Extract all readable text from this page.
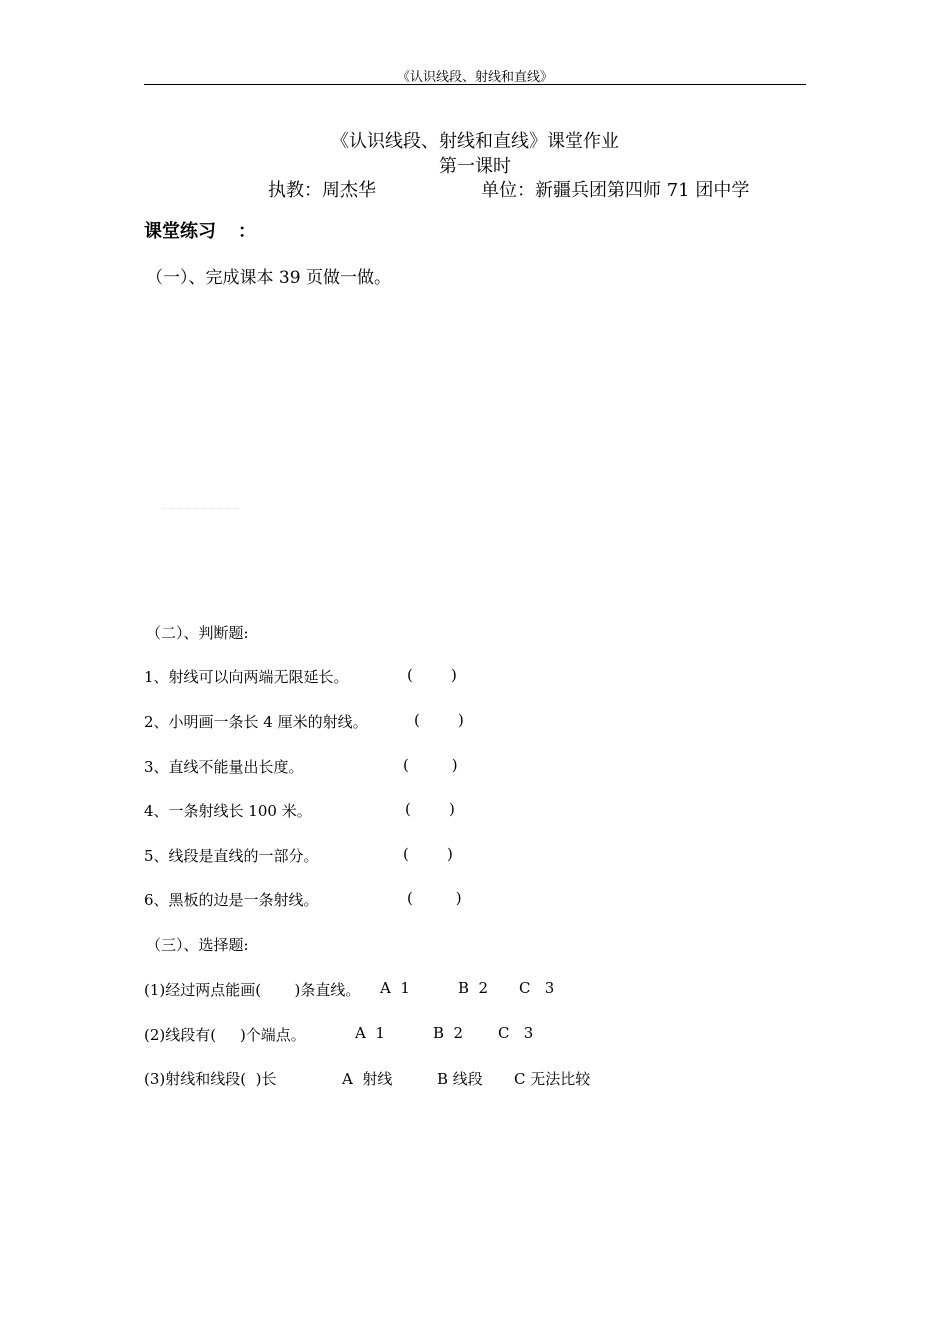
《认识线段、射线和直线》
《认识线段、射线和直线》课堂作业
第一课时
执教：周杰华	单位：新疆兵团第四师 71 团中学
课堂练习 ：
（一）、完成课本 39 页做一做。
（二）、判断题:
1、射线可以向两端无限延长。	(        )
2、小明画一条长 4 厘米的射线。	(        )
3、直线不能量出长度。	(         )
4、一条射线长 100 米。	(        )
5、线段是直线的一部分。	(        )
6、黑板的边是一条射线。	(         )
（三）、选择题:
(1)经过两点能画(       )条直线。 A  1	B  2 C   3
(2)线段有(     )个端点。	A  1	B  2 C   3
(3)射线和线段(  )长	A  射线	B 线段 C 无法比较
